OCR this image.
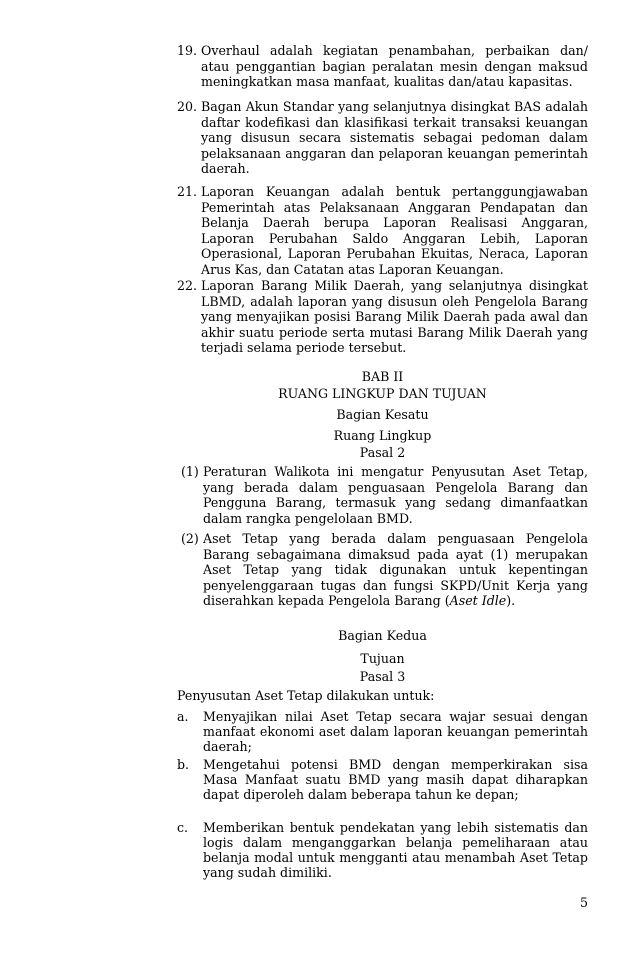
19. Overhaul adalah kegiatan penambahan, perbaikan dan/ atau penggantian bagian peralatan mesin dengan maksud meningkatkan masa manfaat, kualitas dan/atau kapasitas.
20. Bagan Akun Standar yang selanjutnya disingkat BAS adalah daftar kodefikasi dan klasifikasi terkait transaksi keuangan yang disusun secara sistematis sebagai pedoman dalam pelaksanaan anggaran dan pelaporan keuangan pemerintah daerah.
21. Laporan Keuangan adalah bentuk pertanggungjawaban Pemerintah atas Pelaksanaan Anggaran Pendapatan dan Belanja Daerah berupa Laporan Realisasi Anggaran, Laporan Perubahan Saldo Anggaran Lebih, Laporan Operasional, Laporan Perubahan Ekuitas, Neraca, Laporan Arus Kas, dan Catatan atas Laporan Keuangan.
22. Laporan Barang Milik Daerah, yang selanjutnya disingkat LBMD, adalah laporan yang disusun oleh Pengelola Barang yang menyajikan posisi Barang Milik Daerah pada awal dan akhir suatu periode serta mutasi Barang Milik Daerah yang terjadi selama periode tersebut.
BAB II
RUANG LINGKUP DAN TUJUAN
Bagian Kesatu
Ruang Lingkup
Pasal 2
(1) Peraturan Walikota ini mengatur Penyusutan Aset Tetap, yang berada dalam penguasaan Pengelola Barang dan Pengguna Barang, termasuk yang sedang dimanfaatkan dalam rangka pengelolaan BMD.
(2) Aset Tetap yang berada dalam penguasaan Pengelola Barang sebagaimana dimaksud pada ayat (1) merupakan Aset Tetap yang tidak digunakan untuk kepentingan penyelenggaraan tugas dan fungsi SKPD/Unit Kerja yang diserahkan kepada Pengelola Barang (Aset Idle).
Bagian Kedua
Tujuan
Pasal 3
Penyusutan Aset Tetap dilakukan untuk:
a. Menyajikan nilai Aset Tetap secara wajar sesuai dengan manfaat ekonomi aset dalam laporan keuangan pemerintah daerah;
b. Mengetahui potensi BMD dengan memperkirakan sisa Masa Manfaat suatu BMD yang masih dapat diharapkan dapat diperoleh dalam beberapa tahun ke depan;
c. Memberikan bentuk pendekatan yang lebih sistematis dan logis dalam menganggarkan belanja pemeliharaan atau belanja modal untuk mengganti atau menambah Aset Tetap yang sudah dimiliki.
5
